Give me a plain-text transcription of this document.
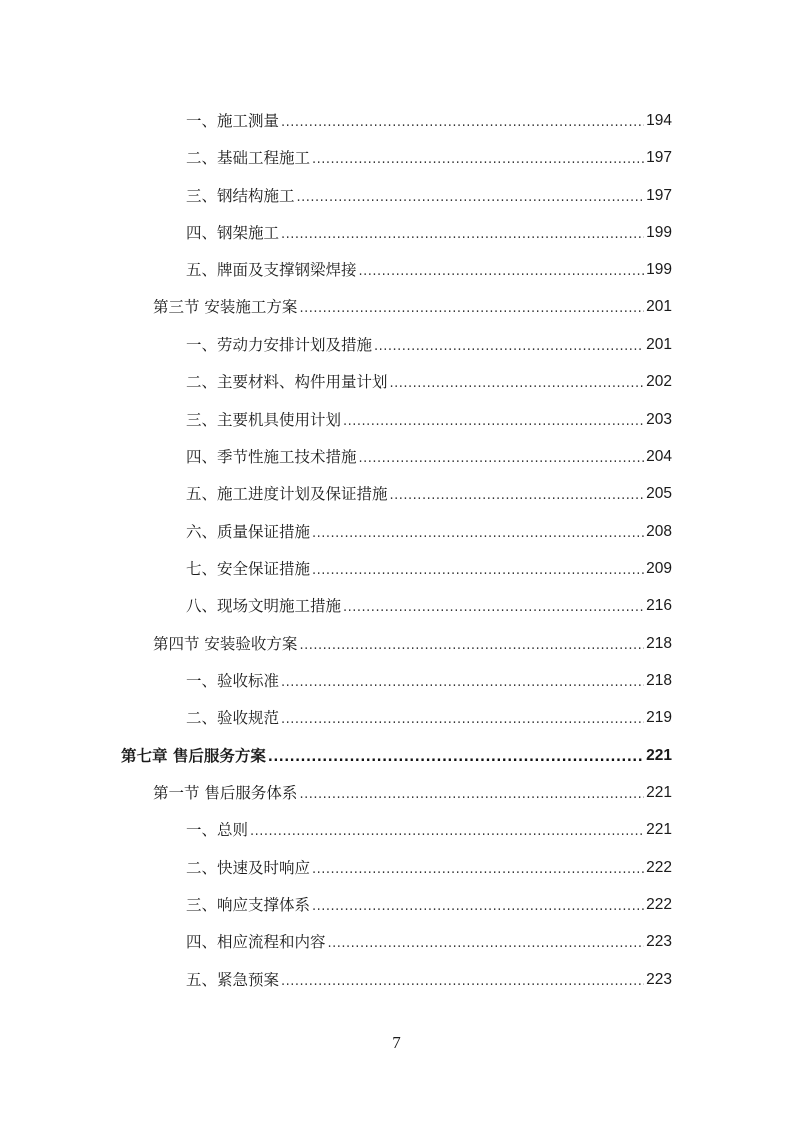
一、施工测量 .....	194
二、基础工程施工 .....	197
三、钢结构施工 .....	197
四、钢架施工 .....	199
五、牌面及支撑钢梁焊接 .....	199
第三节 安装施工方案 .....	201
一、劳动力安排计划及措施 .....	201
二、主要材料、构件用量计划 .....	202
三、主要机具使用计划 .....	203
四、季节性施工技术措施 .....	204
五、施工进度计划及保证措施 .....	205
六、质量保证措施 .....	208
七、安全保证措施 .....	209
八、现场文明施工措施 .....	216
第四节 安装验收方案 .....	218
一、验收标准 .....	218
二、验收规范 .....	219
第七章 售后服务方案 .....	221
第一节 售后服务体系 .....	221
一、总则 .....	221
二、快速及时响应 .....	222
三、响应支撑体系 .....	222
四、相应流程和内容 .....	223
五、紧急预案 .....	223
7
